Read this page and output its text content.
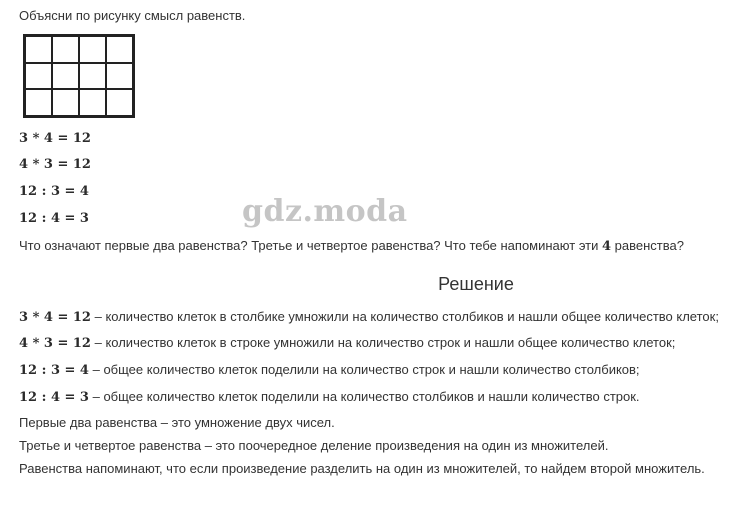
Объясни по рисунку смысл равенств.
3 * 4 = 12
4 * 3 = 12
12 : 3 = 4
12 : 4 = 3	gdz.moda
Что означают первые два равенства? Третье и четвертое равенства? Что тебе напоминают эти 4 равенства?
Решение
3 * 4 = 12 – количество клеток в столбике умножили на количество столбиков и нашли общее количество клеток;
4 * 3 = 12 – количество клеток в строке умножили на количество строк и нашли общее количество клеток;
12 : 3 = 4 – общее количество клеток поделили на количество строк и нашли количество столбиков;
12 : 4 = 3 – общее количество клеток поделили на количество столбиков и нашли количество строк.
Первые два равенства – это умножение двух чисел.
Третье и четвертое равенства – это поочередное деление произведения на один из множителей.
Равенства напоминают, что если произведение разделить на один из множителей, то найдем второй множитель.
